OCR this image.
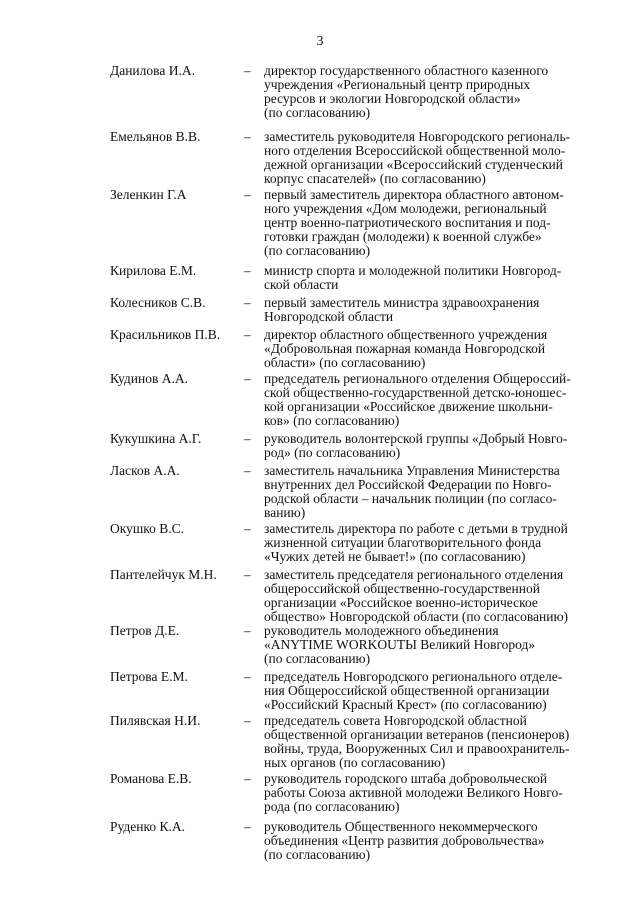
3
Данилова И.А.	– директор государственного областного казенного
учреждения «Региональный центр природных
ресурсов и экологии Новгородской области»
(по согласованию)
Емельянов В.В.	– заместитель руководителя Новгородского региональ-
ного отделения Всероссийской общественной моло-
дежной организации «Всероссийский студенческий
корпус спасателей» (по согласованию)
Зеленкин Г.А	– первый заместитель директора областного автоном-
ного учреждения «Дом молодежи, региональный
центр военно-патриотического воспитания и под-
готовки граждан (молодежи) к военной службе»
(по согласованию)
Кирилова Е.М.	– министр спорта и молодежной политики Новгород-
ской области
Колесников С.В.	– первый заместитель министра здравоохранения
Новгородской области
Красильников П.В. – директор областного общественного учреждения
«Добровольная пожарная команда Новгородской
области» (по согласованию)
Кудинов А.А.	– председатель регионального отделения Общероссий-
ской общественно-государственной детско-юношес-
кой организации «Российское движение школьни-
ков» (по согласованию)
Кукушкина А.Г.	– руководитель волонтерской группы «Добрый Новго-
род» (по согласованию)
Ласков А.А.	– заместитель начальника Управления Министерства
внутренних дел Российской Федерации по Новго-
родской области – начальник полиции (по согласо-
ванию)
Окушко В.С.	– заместитель директора по работе с детьми в трудной
жизненной ситуации благотворительного фонда
«Чужих детей не бывает!» (по согласованию)
Пантелейчук М.Н. – заместитель председателя регионального отделения
общероссийской общественно-государственной
организации «Российское военно-историческое
общество» Новгородской области (по согласованию)
Петров Д.Е.	– руководитель молодежного объединения
«ANYTIME WORKOUTЫ Великий Новгород»
(по согласованию)
Петрова Е.М.	– председатель Новгородского регионального отделе-
ния Общероссийской общественной организации
«Российский Красный Крест» (по согласованию)
Пилявская Н.И.	– председатель совета Новгородской областной
общественной организации ветеранов (пенсионеров)
войны, труда, Вооруженных Сил и правоохранитель-
ных органов (по согласованию)
Романова Е.В.	– руководитель городского штаба добровольческой
работы Союза активной молодежи Великого Новго-
рода (по согласованию)
Руденко К.А.	– руководитель Общественного некоммерческого
объединения «Центр развития добровольчества»
(по согласованию)
